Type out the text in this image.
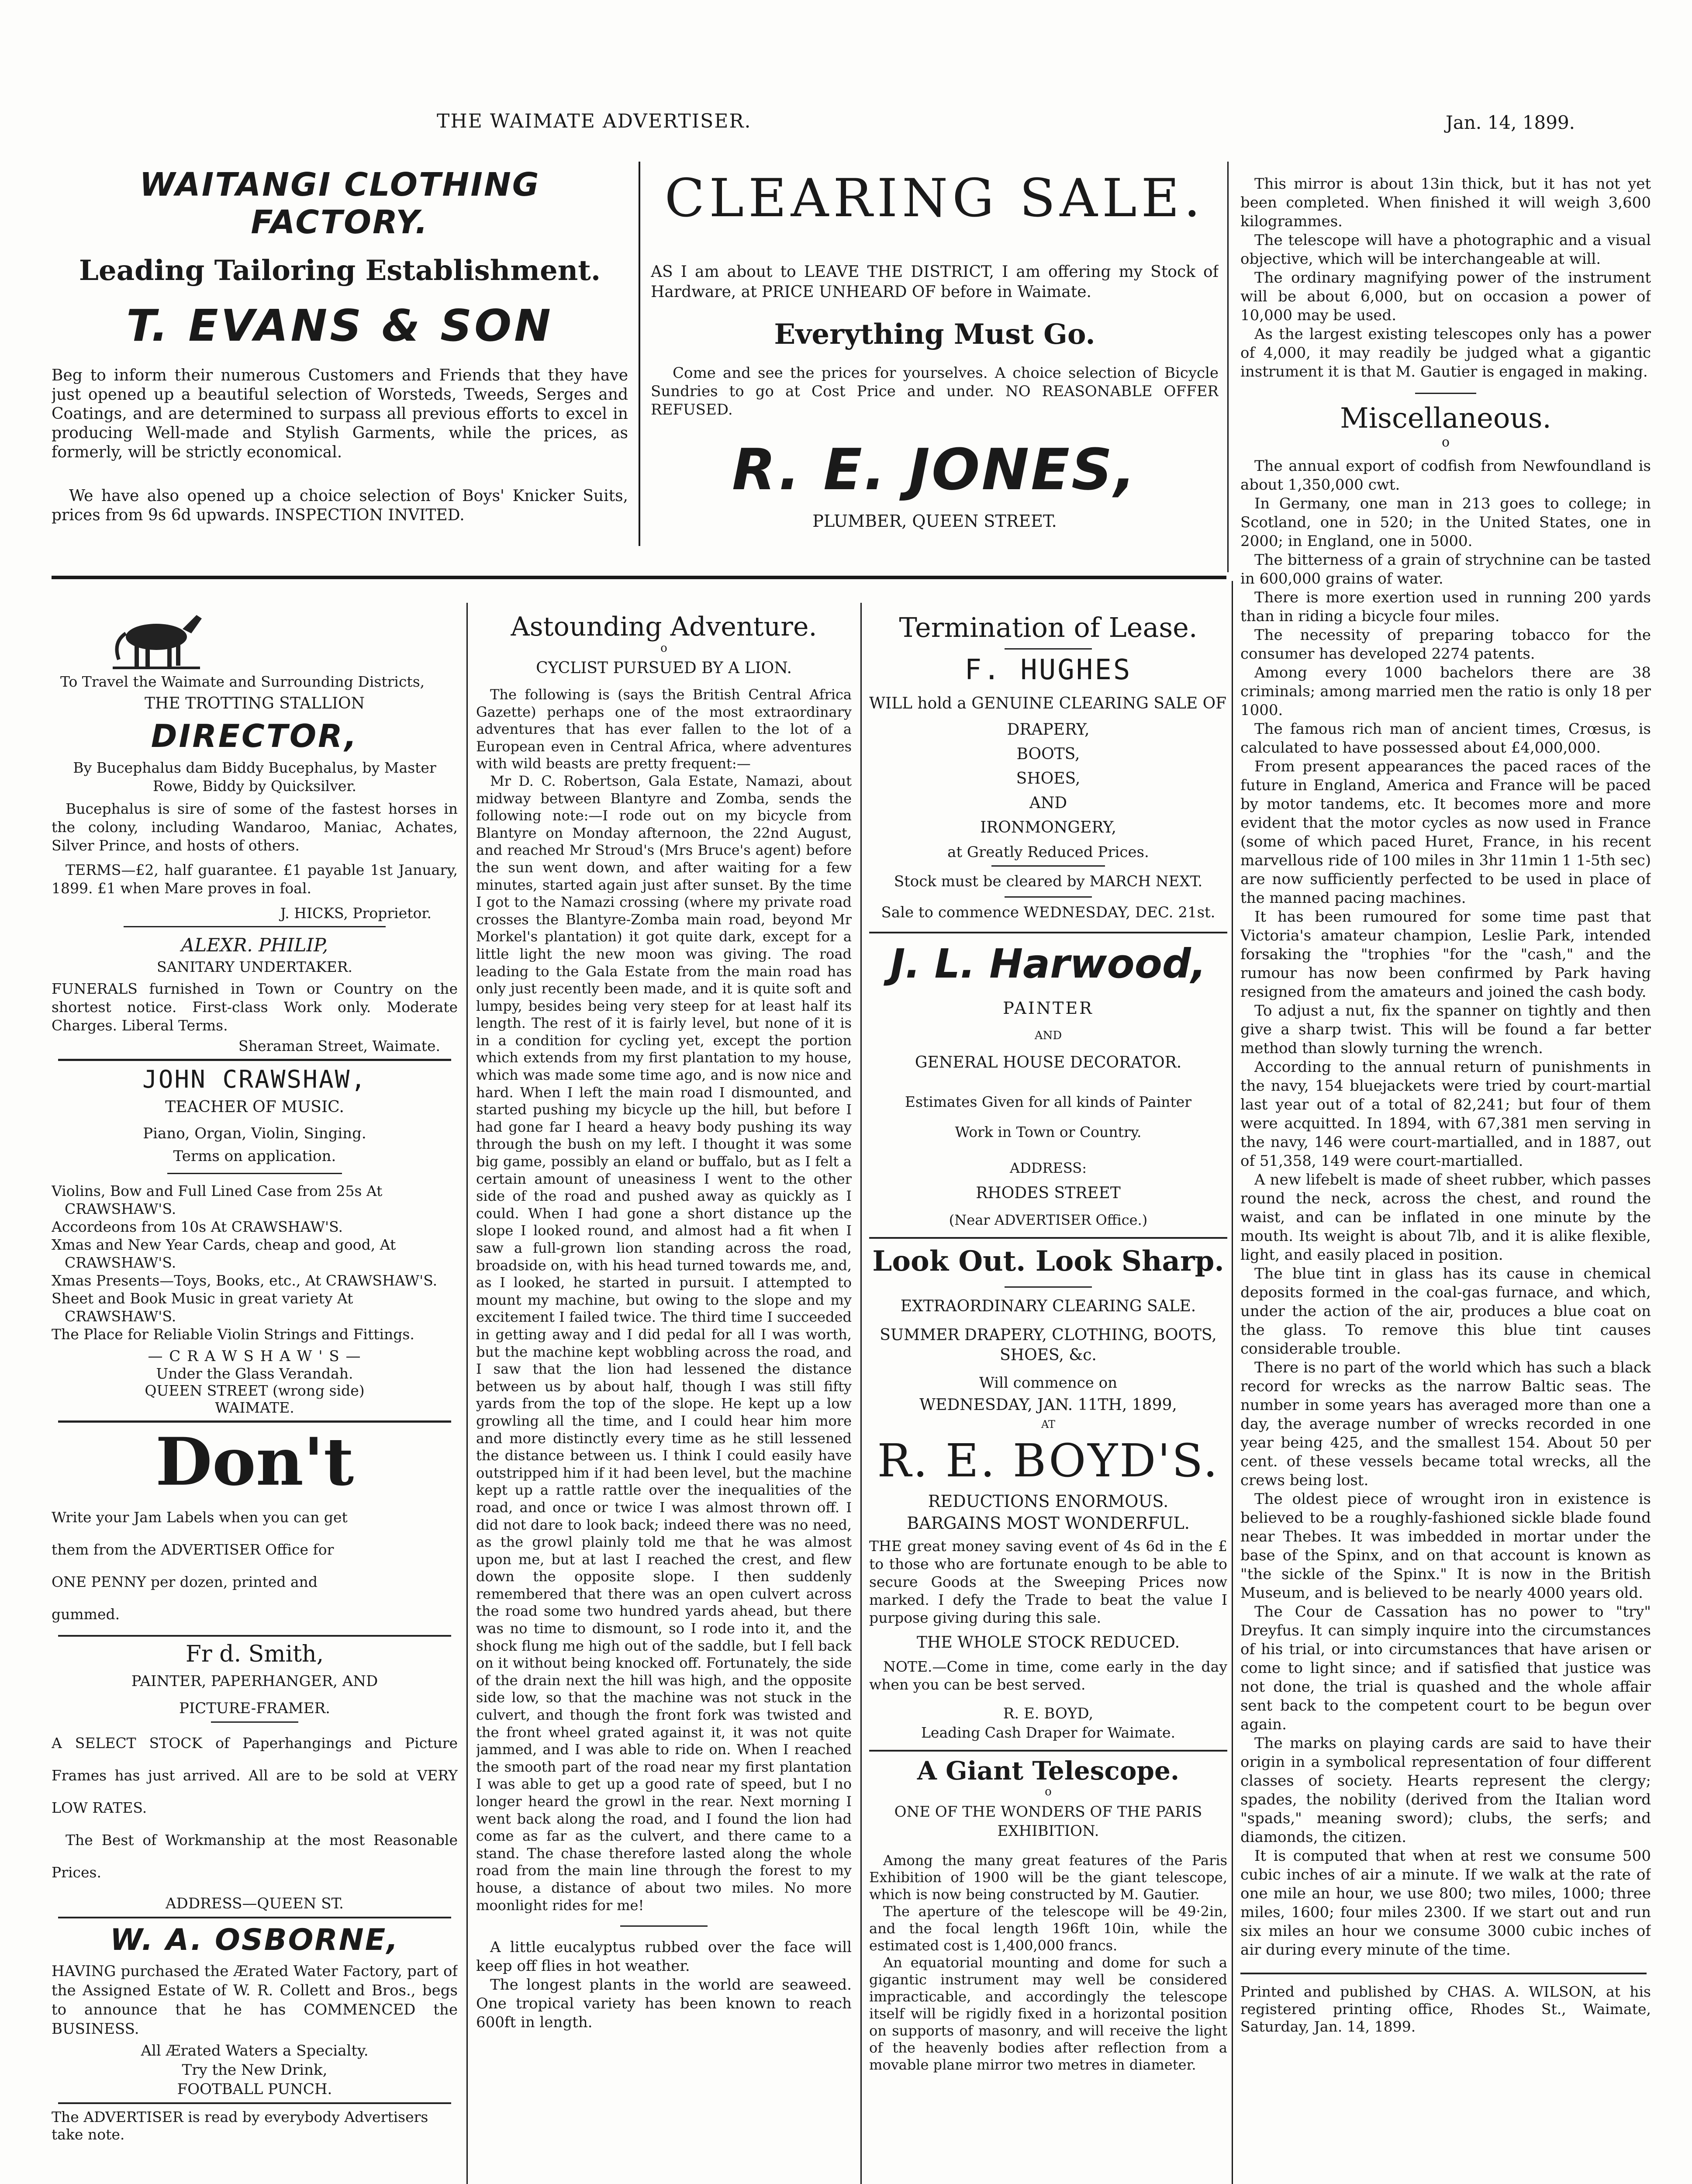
THE WAIMATE ADVERTISER.	Jan. 14, 1899.
WAITANGI CLOTHING FACTORY.
Leading Tailoring Establishment.
T. EVANS & SON
Beg to inform their numerous Customers and Friends that they have just opened up a beautiful selection of Worsteds, Tweeds, Serges and Coatings, and are determined to surpass all previous efforts to excel in producing Well-made and Stylish Garments, while the prices, as formerly, will be strictly economical.
We have also opened up a choice selection of Boys' Knicker Suits, prices from 9s 6d upwards. INSPECTION INVITED.
CLEARING SALE.
AS I am about to LEAVE THE DISTRICT, I am offering my Stock of Hardware, at PRICE UNHEARD OF before in Waimate.
Everything Must Go.
Come and see the prices for yourselves. A choice selection of Bicycle Sundries to go at Cost Price and under. NO REASONABLE OFFER REFUSED.
R. E. JONES,
PLUMBER, QUEEN STREET.

This mirror is about 13in thick, but it has not yet been completed. When finished it will weigh 3,600 kilogrammes.

The telescope will have a photographic and a visual objective, which will be interchangeable at will.

The ordinary magnifying power of the instrument will be about 6,000, but on occasion a power of 10,000 may be used.

As the largest existing telescopes only has a power of 4,000, it may readily be judged what a gigantic instrument it is that M. Gautier is engaged in making.

Miscellaneous.
o

The annual export of codfish from Newfoundland is about 1,350,000 cwt.

In Germany, one man in 213 goes to college; in Scotland, one in 520; in the United States, one in 2000; in England, one in 5000.

The bitterness of a grain of strychnine can be tasted in 600,000 grains of water.

There is more exertion used in running 200 yards than in riding a bicycle four miles.

The necessity of preparing tobacco for the consumer has developed 2274 patents.

Among every 1000 bachelors there are 38 criminals; among married men the ratio is only 18 per 1000.

The famous rich man of ancient times, Crœsus, is calculated to have possessed about £4,000,000.

From present appearances the paced races of the future in England, America and France will be paced by motor tandems, etc. It becomes more and more evident that the motor cycles as now used in France (some of which paced Huret, France, in his recent marvellous ride of 100 miles in 3hr 11min 1 1-5th sec) are now sufficiently perfected to be used in place of the manned pacing machines.

It has been rumoured for some time past that Victoria's amateur champion, Leslie Park, intended forsaking the "trophies "for the "cash," and the rumour has now been confirmed by Park having resigned from the amateurs and joined the cash body.

To adjust a nut, fix the spanner on tightly and then give a sharp twist. This will be found a far better method than slowly turning the wrench.

According to the annual return of punishments in the navy, 154 bluejackets were tried by court-martial last year out of a total of 82,241; but four of them were acquitted. In 1894, with 67,381 men serving in the navy, 146 were court-martialled, and in 1887, out of 51,358, 149 were court-martialled.

A new lifebelt is made of sheet rubber, which passes round the neck, across the chest, and round the waist, and can be inflated in one minute by the mouth. Its weight is about 7lb, and it is alike flexible, light, and easily placed in position.

The blue tint in glass has its cause in chemical deposits formed in the coal-gas furnace, and which, under the action of the air, produces a blue coat on the glass. To remove this blue tint causes considerable trouble.

There is no part of the world which has such a black record for wrecks as the narrow Baltic seas. The number in some years has averaged more than one a day, the average number of wrecks recorded in one year being 425, and the smallest 154. About 50 per cent. of these vessels became total wrecks, all the crews being lost.

The oldest piece of wrought iron in existence is believed to be a roughly-fashioned sickle blade found near Thebes. It was imbedded in mortar under the base of the Spinx, and on that account is known as "the sickle of the Spinx." It is now in the British Museum, and is believed to be nearly 4000 years old.

The Cour de Cassation has no power to "try" Dreyfus. It can simply inquire into the circumstances of his trial, or into circumstances that have arisen or come to light since; and if satisfied that justice was not done, the trial is quashed and the whole affair sent back to the competent court to be begun over again.

The marks on playing cards are said to have their origin in a symbolical representation of four different classes of society. Hearts represent the clergy; spades, the nobility (derived from the Italian word "spads," meaning sword); clubs, the serfs; and diamonds, the citizen.

It is computed that when at rest we consume 500 cubic inches of air a minute. If we walk at the rate of one mile an hour, we use 800; two miles, 1000; three miles, 1600; four miles 2300. If we start out and run six miles an hour we consume 3000 cubic inches of air during every minute of the time.

Printed and published by CHAS. A. WILSON, at his registered printing office, Rhodes St., Waimate, Saturday, Jan. 14, 1899.

To Travel the Waimate and Surrounding Districts,
THE TROTTING STALLION
DIRECTOR,
By Bucephalus dam Biddy Bucephalus, by Master Rowe, Biddy by Quicksilver.
Bucephalus is sire of some of the fastest horses in the colony, including Wandaroo, Maniac, Achates, Silver Prince, and hosts of others.
TERMS—£2, half guarantee. £1 payable 1st January, 1899. £1 when Mare proves in foal.
J. HICKS, Proprietor.
ALEXR. PHILIP,
SANITARY UNDERTAKER.
FUNERALS furnished in Town or Country on the shortest notice. First-class Work only. Moderate Charges. Liberal Terms.
Sheraman Street, Waimate.
JOHN CRAWSHAW,
TEACHER OF MUSIC.
Piano, Organ, Violin, Singing.
Terms on application.

Violins, Bow and Full Lined Case from 25s At CRAWSHAW'S.

Accordeons from 10s At CRAWSHAW'S.

Xmas and New Year Cards, cheap and good, At CRAWSHAW'S.

Xmas Presents—Toys, Books, etc., At CRAWSHAW'S.

Sheet and Book Music in great variety At CRAWSHAW'S.

The Place for Reliable Violin Strings and Fittings.

— C R A W S H A W ' S —
Under the Glass Verandah.
QUEEN STREET (wrong side)
WAIMATE.
Don't
Write your Jam Labels when you can get
them from the ADVERTISER Office for
ONE PENNY per dozen, printed and
gummed.
Fr d. Smith,
PAINTER, PAPERHANGER, AND
PICTURE-FRAMER.
A SELECT STOCK of Paperhangings and Picture Frames has just arrived. All are to be sold at VERY LOW RATES.
The Best of Workmanship at the most Reasonable Prices.
ADDRESS—QUEEN ST.
W. A. OSBORNE,
HAVING purchased the Ærated Water Factory, part of the Assigned Estate of W. R. Collett and Bros., begs to announce that he has COMMENCED the BUSINESS.
All Ærated Waters a Specialty.
Try the New Drink,
FOOTBALL PUNCH.
The ADVERTISER is read by everybody Advertisers take note.
Astounding Adventure.
o
CYCLIST PURSUED BY A LION.

The following is (says the British Central Africa Gazette) perhaps one of the most extraordinary adventures that has ever fallen to the lot of a European even in Central Africa, where adventures with wild beasts are pretty frequent:—

Mr D. C. Robertson, Gala Estate, Namazi, about midway between Blantyre and Zomba, sends the following note:—I rode out on my bicycle from Blantyre on Monday afternoon, the 22nd August, and reached Mr Stroud's (Mrs Bruce's agent) before the sun went down, and after waiting for a few minutes, started again just after sunset. By the time I got to the Namazi crossing (where my private road crosses the Blantyre-Zomba main road, beyond Mr Morkel's plantation) it got quite dark, except for a little light the new moon was giving. The road leading to the Gala Estate from the main road has only just recently been made, and it is quite soft and lumpy, besides being very steep for at least half its length. The rest of it is fairly level, but none of it is in a condition for cycling yet, except the portion which extends from my first plantation to my house, which was made some time ago, and is now nice and hard. When I left the main road I dismounted, and started pushing my bicycle up the hill, but before I had gone far I heard a heavy body pushing its way through the bush on my left. I thought it was some big game, possibly an eland or buffalo, but as I felt a certain amount of uneasiness I went to the other side of the road and pushed away as quickly as I could. When I had gone a short distance up the slope I looked round, and almost had a fit when I saw a full-grown lion standing across the road, broadside on, with his head turned towards me, and, as I looked, he started in pursuit. I attempted to mount my machine, but owing to the slope and my excitement I failed twice. The third time I succeeded in getting away and I did pedal for all I was worth, but the machine kept wobbling across the road, and I saw that the lion had lessened the distance between us by about half, though I was still fifty yards from the top of the slope. He kept up a low growling all the time, and I could hear him more and more distinctly every time as he still lessened the distance between us. I think I could easily have outstripped him if it had been level, but the machine kept up a rattle rattle over the inequalities of the road, and once or twice I was almost thrown off. I did not dare to look back; indeed there was no need, as the growl plainly told me that he was almost upon me, but at last I reached the crest, and flew down the opposite slope. I then suddenly remembered that there was an open culvert across the road some two hundred yards ahead, but there was no time to dismount, so I rode into it, and the shock flung me high out of the saddle, but I fell back on it without being knocked off. Fortunately, the side of the drain next the hill was high, and the opposite side low, so that the machine was not stuck in the culvert, and though the front fork was twisted and the front wheel grated against it, it was not quite jammed, and I was able to ride on. When I reached the smooth part of the road near my first plantation I was able to get up a good rate of speed, but I no longer heard the growl in the rear. Next morning I went back along the road, and I found the lion had come as far as the culvert, and there came to a stand. The chase therefore lasted along the whole road from the main line through the forest to my house, a distance of about two miles. No more moonlight rides for me!

A little eucalyptus rubbed over the face will keep off flies in hot weather.

The longest plants in the world are seaweed. One tropical variety has been known to reach 600ft in length.

Termination of Lease.
F. HUGHES
WILL hold a GENUINE CLEARING SALE OF
DRAPERY,
BOOTS,
SHOES,
AND
IRONMONGERY,
at Greatly Reduced Prices.
Stock must be cleared by MARCH NEXT.
Sale to commence WEDNESDAY, DEC. 21st.
J. L. Harwood,
PAINTER
AND
GENERAL HOUSE DECORATOR.
Estimates Given for all kinds of Painter
Work in Town or Country.
ADDRESS:
RHODES STREET
(Near ADVERTISER Office.)
Look Out. Look Sharp.
EXTRAORDINARY CLEARING SALE.
SUMMER DRAPERY, CLOTHING, BOOTS, SHOES, &c.
Will commence on
WEDNESDAY, JAN. 11TH, 1899,
AT
R. E. BOYD'S.
REDUCTIONS ENORMOUS.
BARGAINS MOST WONDERFUL.
THE great money saving event of 4s 6d in the £ to those who are fortunate enough to be able to secure Goods at the Sweeping Prices now marked. I defy the Trade to beat the value I purpose giving during this sale.
THE WHOLE STOCK REDUCED.
NOTE.—Come in time, come early in the day when you can be best served.
R. E. BOYD,
Leading Cash Draper for Waimate.
A Giant Telescope.
o
ONE OF THE WONDERS OF THE PARIS EXHIBITION.

Among the many great features of the Paris Exhibition of 1900 will be the giant telescope, which is now being constructed by M. Gautier.

The aperture of the telescope will be 49·2in, and the focal length 196ft 10in, while the estimated cost is 1,400,000 francs.

An equatorial mounting and dome for such a gigantic instrument may well be considered impracticable, and accordingly the telescope itself will be rigidly fixed in a horizontal position on supports of masonry, and will receive the light of the heavenly bodies after reflection from a movable plane mirror two metres in diameter.
